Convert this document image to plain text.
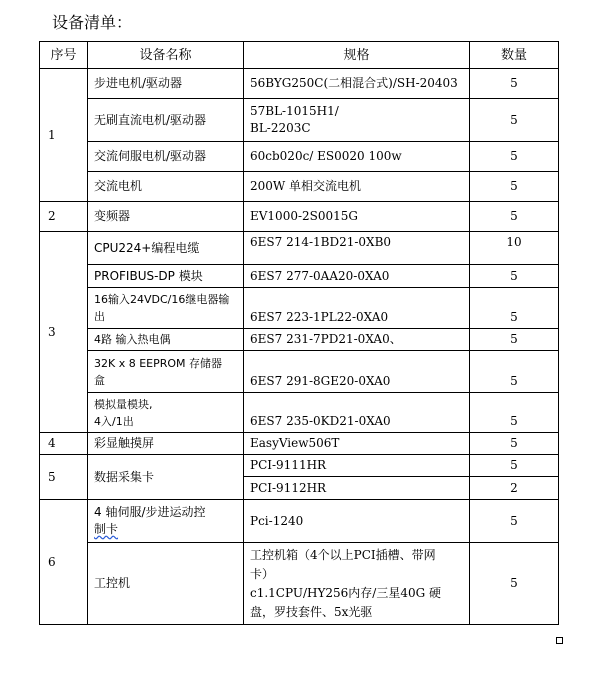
设备清单：
序号	设备名称	规格	数量
1	步进电机/驱动器	56BYG250C(二相混合式)/SH-20403	5
	无刷直流电机/驱动器	57BL-1015H1/
BL-2203C	5
	交流伺服电机/驱动器	60cb020c/ ES0020 100w	5
	交流电机	200W 单相交流电机	5
2	变频器	EV1000-2S0015G	5
3	CPU224+编程电缆	6ES7 214-1BD21-0XB0	10
	PROFIBUS-DP 模块	6ES7 277-0AA20-0XA0	5

	16输入24VDC/16继电器输
出	6ES7 223-1PL22-0XA0	5
	4路 输入热电偶	6ES7 231-7PD21-0XA0、	5

	32K x 8 EEPROM 存储器
盒	6ES7 291-8GE20-0XA0	5

	模拟量模块,
4入/1出	6ES7 235-0KD21-0XA0	5
4	彩显触摸屏	EasyView506T	5
5	数据采集卡	PCI-9111HR	5
		PCI-9112HR	2
6	4 轴伺服/步进运动控
制卡	Pci-1240	5
	工控机	工控机箱（4个以上PCI插槽、带网
卡）
c1.1CPU/HY256内存/三星40G 硬
盘，罗技套件、5x光驱	5
